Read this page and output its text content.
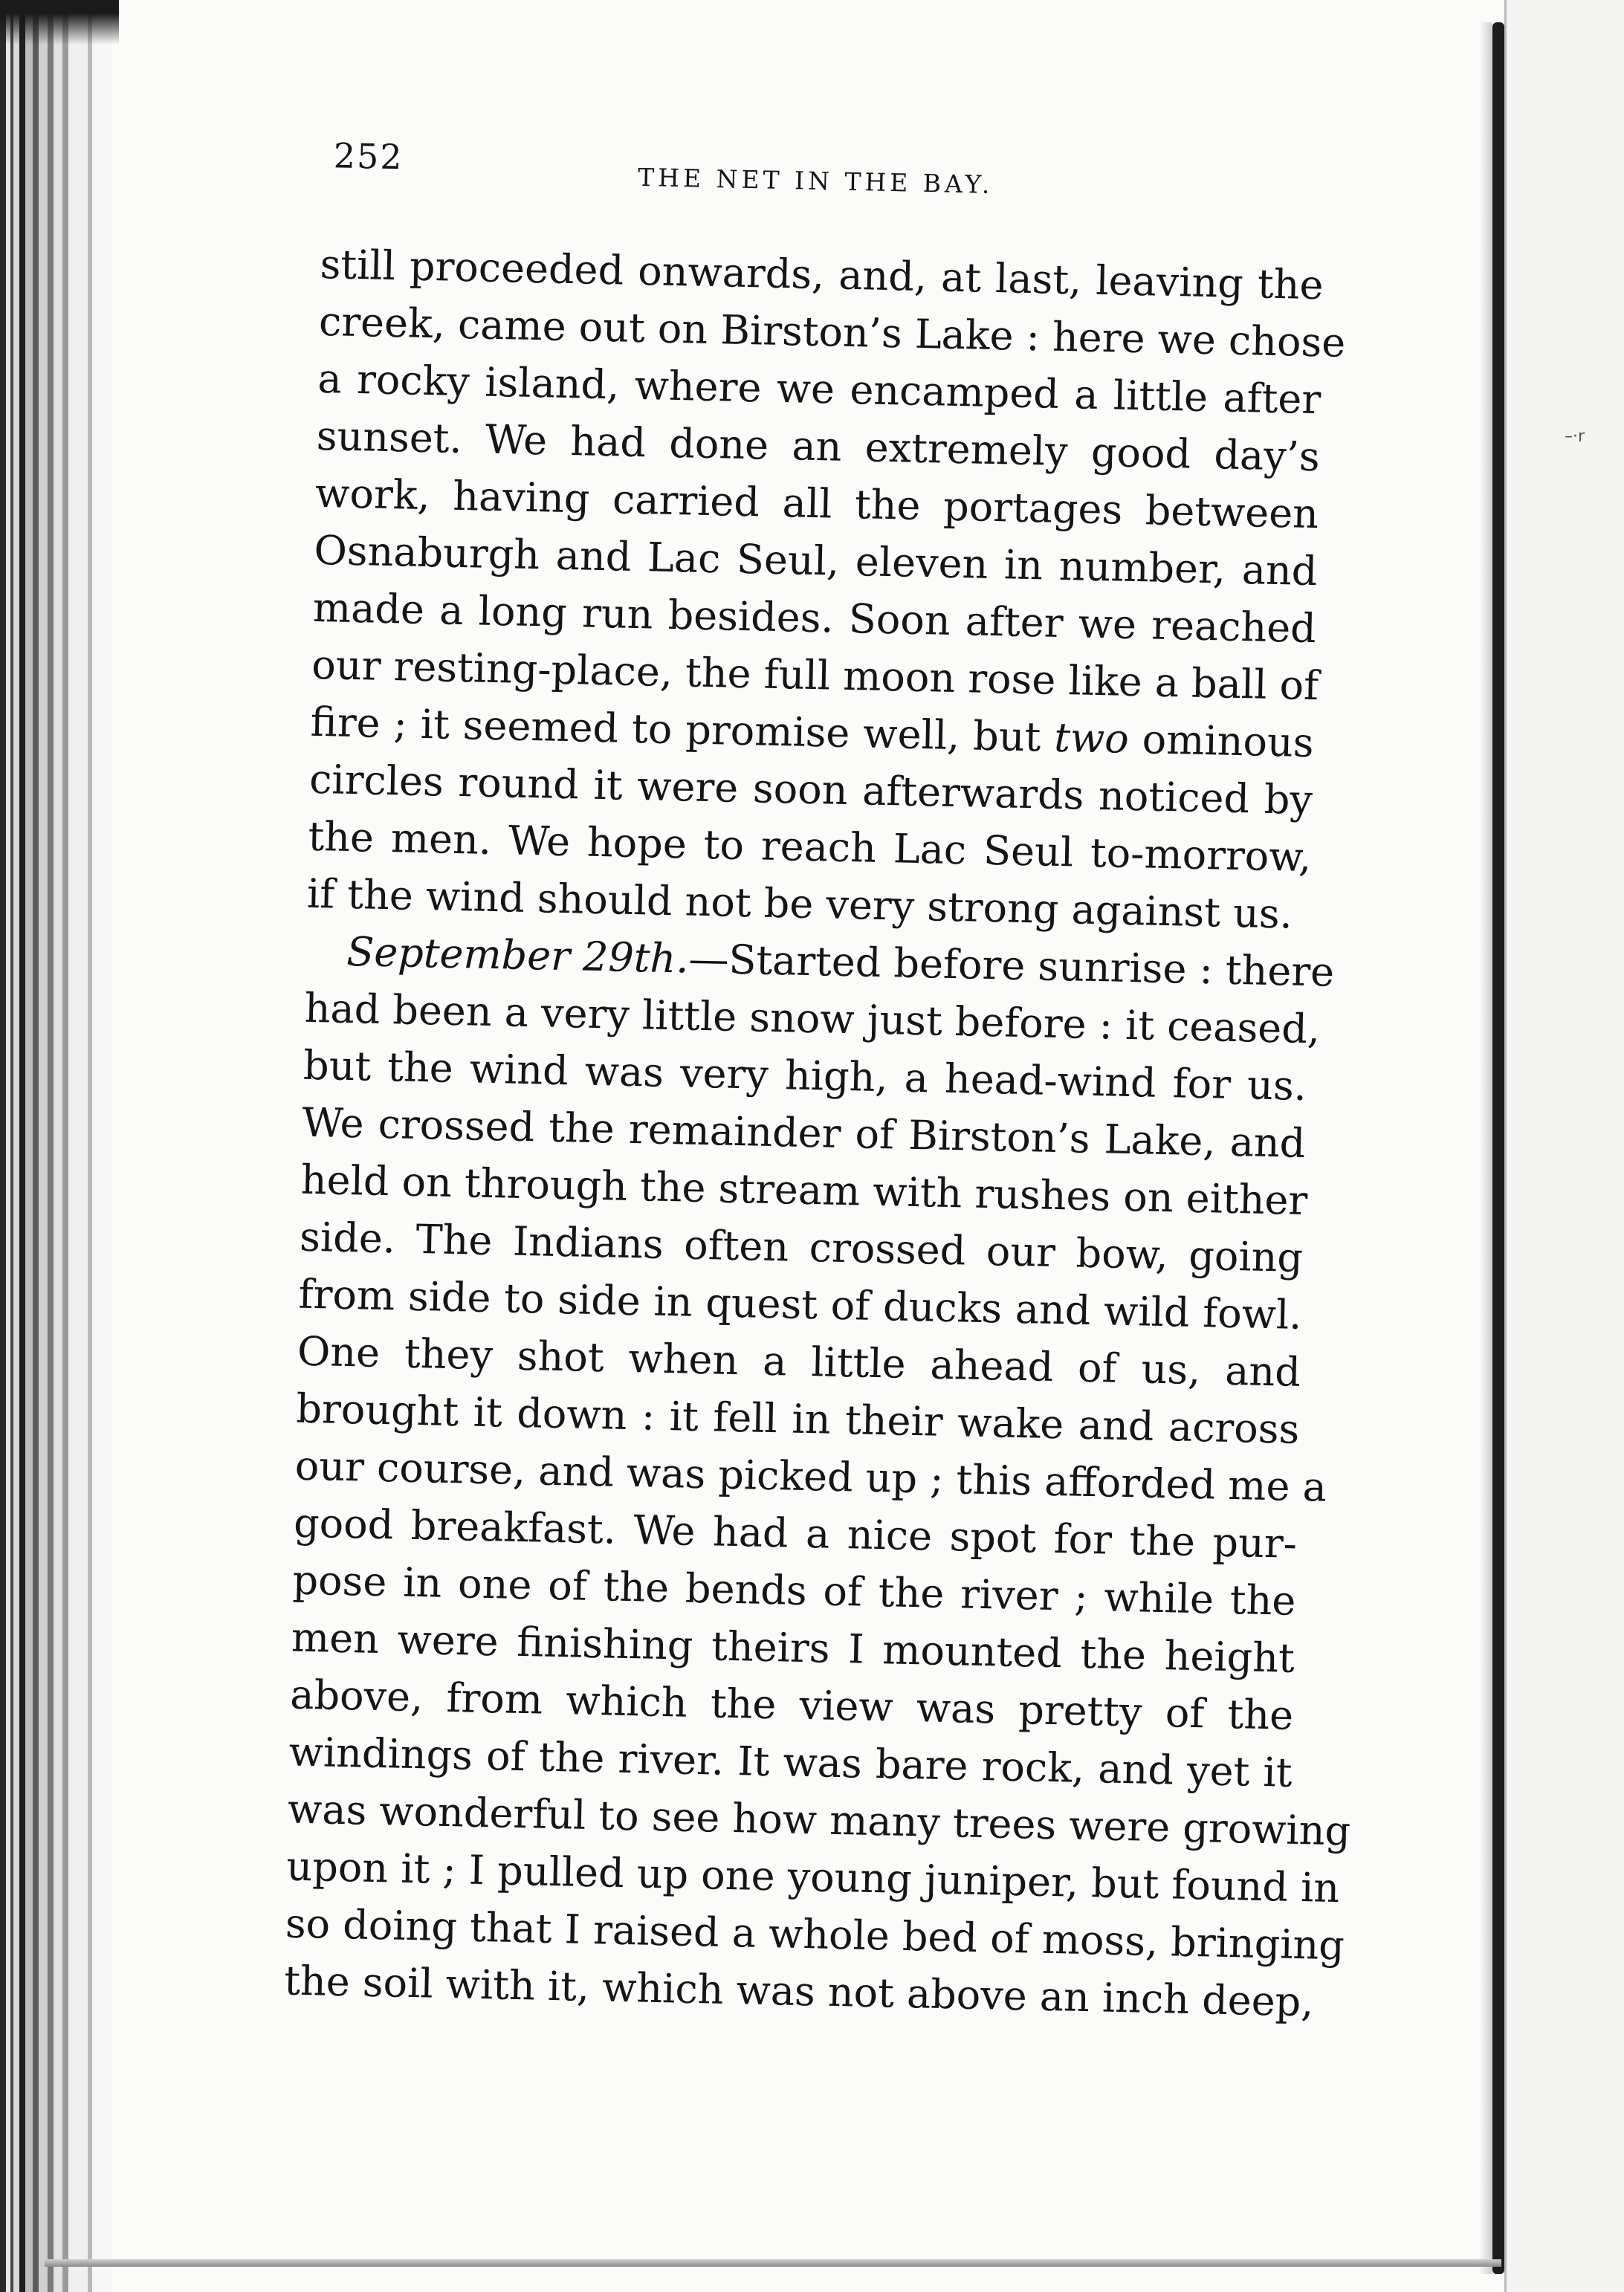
–·r
252
THE NET IN THE BAY.
still proceeded onwards, and, at last, leaving the
creek, came out on Birston’s Lake : here we chose
a rocky island, where we encamped a little after
sunset. We had done an extremely good day’s
work, having carried all the portages between
Osnaburgh and Lac Seul, eleven in number, and
made a long run besides. Soon after we reached
our resting-place, the full moon rose like a ball of
fire ; it seemed to promise well, but two ominous
circles round it were soon afterwards noticed by
the men. We hope to reach Lac Seul to-morrow,
if the wind should not be very strong against us.
September 29th.—Started before sunrise : there
had been a very little snow just before : it ceased,
but the wind was very high, a head-wind for us.
We crossed the remainder of Birston’s Lake, and
held on through the stream with rushes on either
side. The Indians often crossed our bow, going
from side to side in quest of ducks and wild fowl.
One they shot when a little ahead of us, and
brought it down : it fell in their wake and across
our course, and was picked up ; this afforded me a
good breakfast. We had a nice spot for the pur-
pose in one of the bends of the river ; while the
men were finishing theirs I mounted the height
above, from which the view was pretty of the
windings of the river. It was bare rock, and yet it
was wonderful to see how many trees were growing
upon it ; I pulled up one young juniper, but found in
so doing that I raised a whole bed of moss, bringing
the soil with it, which was not above an inch deep,
